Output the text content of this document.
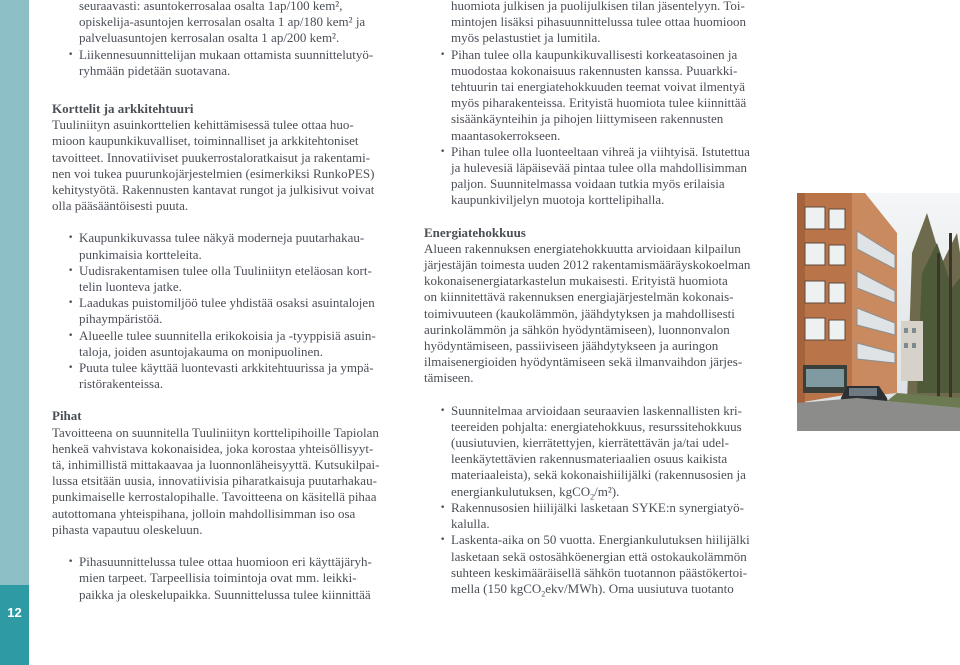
12

seuraavasti: asuntokerrosalaa osalta 1ap/100 kem²,

opiskelija-asuntojen kerrosalan osalta 1 ap/180 kem² ja

palveluasuntojen kerrosalan osalta 1 ap/200 kem².

• Liikennesuunnittelijan mukaan ottamista suunnittelutyö-
ryhmään pidetään suotavana.

Korttelit ja arkkitehtuuri

Tuuliniityn asuinkorttelien kehittämisessä tulee ottaa huo-

mioon kaupunkikuvalliset, toiminnalliset ja arkkitehtoniset

tavoitteet. Innovatiiviset puukerrostaloratkaisut ja rakentami-

nen voi tukea puurunkojärjestelmien (esimerkiksi RunkoPES)

kehitystyötä. Rakennusten kantavat rungot ja julkisivut voivat

olla pääsääntöisesti puuta.

• Kaupunkikuvassa tulee näkyä moderneja puutarhakau-
punkimaisia kortteleita.
• Uudisrakentamisen tulee olla Tuuliniityn eteläosan kort-
telin luonteva jatke.
• Laadukas puistomiljöö tulee yhdistää osaksi asuintalojen
pihaympäristöä.
• Alueelle tulee suunnitella erikokoisia ja -tyyppisiä asuin-
taloja, joiden asuntojakauma on monipuolinen.
• Puuta tulee käyttää luontevasti arkkitehtuurissa ja ympä-
ristörakenteissa.

Pihat

Tavoitteena on suunnitella Tuuliniityn korttelipihoille Tapiolan

henkeä vahvistava kokonaisidea, joka korostaa yhteisöllisyyt-

tä, inhimillistä mittakaavaa ja luonnonläheisyyttä. Kutsukilpai-

lussa etsitään uusia, innovatiivisia piharatkaisuja puutarhakau-

punkimaiselle kerrostalopihalle. Tavoitteena on käsitellä pihaa

autottomana yhteispihana, jolloin mahdollisimman iso osa

pihasta vapautuu oleskeluun.

• Pihasuunnittelussa tulee ottaa huomioon eri käyttäjäryh-
mien tarpeet. Tarpeellisia toimintoja ovat mm. leikki-
paikka ja oleskelupaikka. Suunnittelussa tulee kiinnittää

huomiota julkisen ja puolijulkisen tilan jäsentelyyn. Toi-

mintojen lisäksi pihasuunnittelussa tulee ottaa huomioon

myös pelastustiet ja lumitila.

• Pihan tulee olla kaupunkikuvallisesti korkeatasoinen ja
muodostaa kokonaisuus rakennusten kanssa. Puuarkki-
tehtuurin tai energiatehokkuuden teemat voivat ilmentyä
myös piharakenteissa. Erityistä huomiota tulee kiinnittää
sisäänkäynteihin ja pihojen liittymiseen rakennusten
maantasokerrokseen.
• Pihan tulee olla luonteeltaan vihreä ja viihtyisä. Istutettua
ja hulevesiä läpäisevää pintaa tulee olla mahdollisimman
paljon. Suunnitelmassa voidaan tutkia myös erilaisia
kaupunkiviljelyn muotoja korttelipihalla.

Energiatehokkuus

Alueen rakennuksen energiatehokkuutta arvioidaan kilpailun

järjestäjän toimesta uuden 2012 rakentamismääräyskokoelman

kokonaisenergiatarkastelun mukaisesti. Erityistä huomiota

on kiinnitettävä rakennuksen energiajärjestelmän kokonais-

toimivuuteen (kaukolämmön, jäähdytyksen ja mahdollisesti

aurinkolämmön ja sähkön hyödyntämiseen), luonnonvalon

hyödyntämiseen, passiiviseen jäähdytykseen ja auringon

ilmaisenergioiden hyödyntämiseen sekä ilmanvaihdon järjes-

tämiseen.

• Suunnitelmaa arvioidaan seuraavien laskennallisten kri-
teereiden pohjalta: energiatehokkuus, resurssitehokkuus
(uusiutuvien, kierrätettyjen, kierrätettävän ja/tai udel-
leenkäytettävien rakennusmateriaalien osuus kaikista
materiaaleista), sekä kokonaishiilijälki (rakennusosien ja
energiankulutuksen, kgCO$_2$/m²).
• Rakennusosien hiilijälki lasketaan SYKE:n synergiatyö-
kalulla.
• Laskenta-aika on 50 vuotta. Energiankulutuksen hiilijälki
lasketaan sekä ostosähköenergian että ostokaukolämmön
suhteen keskimääräisellä sähkön tuotannon päästökertoi-
mella (150 kgCO$_2$ekv/MWh). Oma uusiutuva tuotanto
